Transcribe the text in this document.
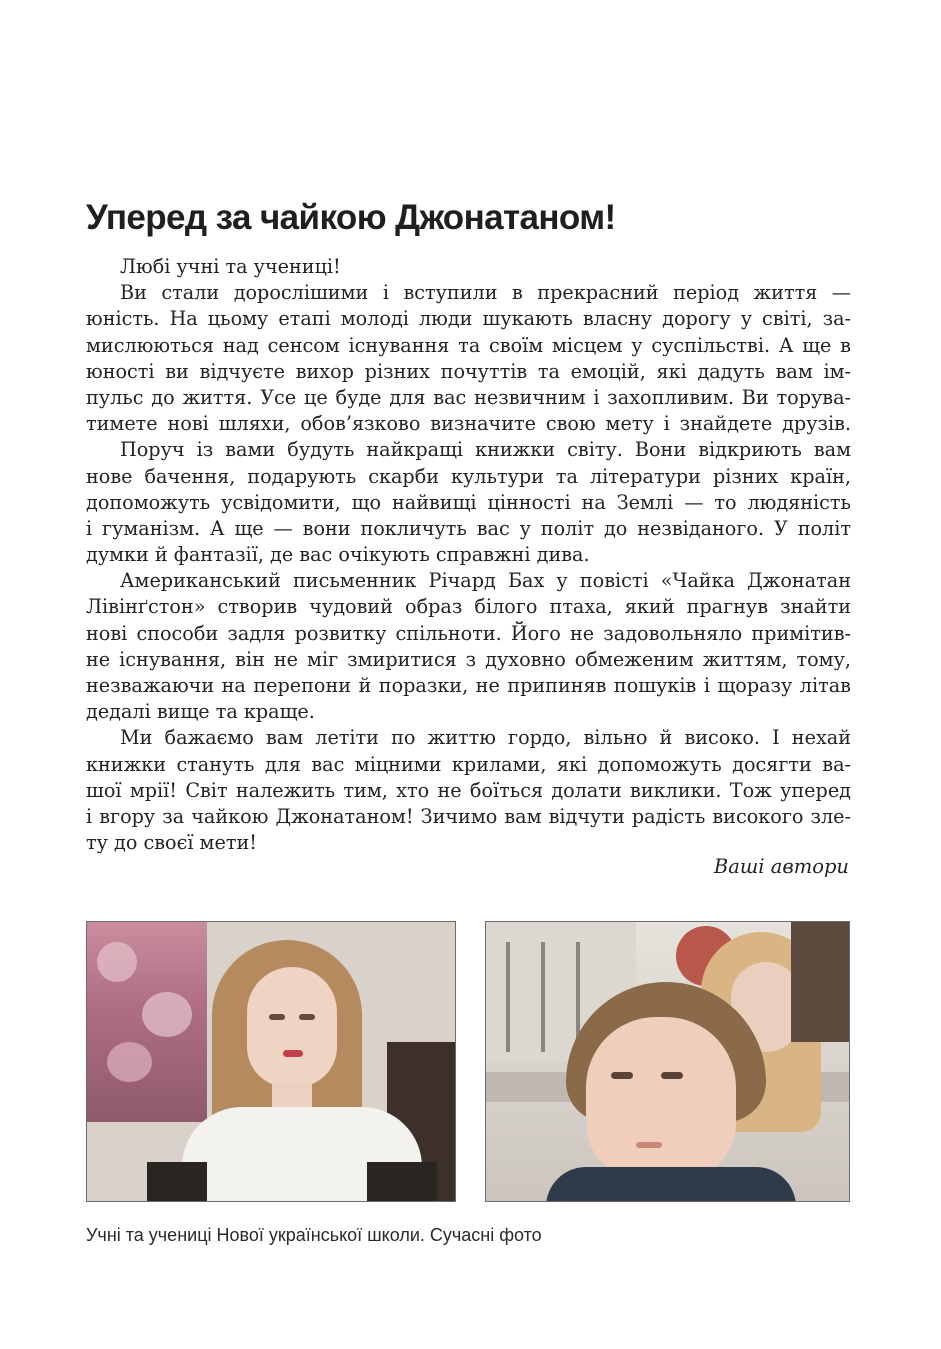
Уперед за чайкою Джонатаном!
Любі учні та учениці!
Ви стали дорослішими і вступили в прекрасний період життя —
юність. На цьому етапі молоді люди шукають власну дорогу у світі, за-
мислюються над сенсом існування та своїм місцем у суспільстві. А ще в
юності ви відчуєте вихор різних почуттів та емоцій, які дадуть вам ім-
пульс до життя. Усе це буде для вас незвичним і захопливим. Ви торува-
тимете нові шляхи, обов’язково визначите свою мету і знайдете друзів.
Поруч із вами будуть найкращі книжки світу. Вони відкриють вам
нове бачення, подарують скарби культури та літератури різних країн,
допоможуть усвідомити, що найвищі цінності на Землі — то людяність
і гуманізм. А ще — вони покличуть вас у політ до незвіданого. У політ
думки й фантазії, де вас очікують справжні дива.
Американський письменник Річард Бах у повісті «Чайка Джонатан
Лівінґстон» створив чудовий образ білого птаха, який прагнув знайти
нові способи задля розвитку спільноти. Його не задовольняло примітив-
не існування, він не міг змиритися з духовно обмеженим життям, тому,
незважаючи на перепони й поразки, не припиняв пошуків і щоразу літав
дедалі вище та краще.
Ми бажаємо вам летіти по життю гордо, вільно й високо. І нехай
книжки стануть для вас міцними крилами, які допоможуть досягти ва-
шої мрії! Світ належить тим, хто не боїться долати виклики. Тож уперед
і вгору за чайкою Джонатаном! Зичимо вам відчути радість високого зле-
ту до своєї мети!
Ваші автори
Учні та учениці Нової української школи. Сучасні фото
